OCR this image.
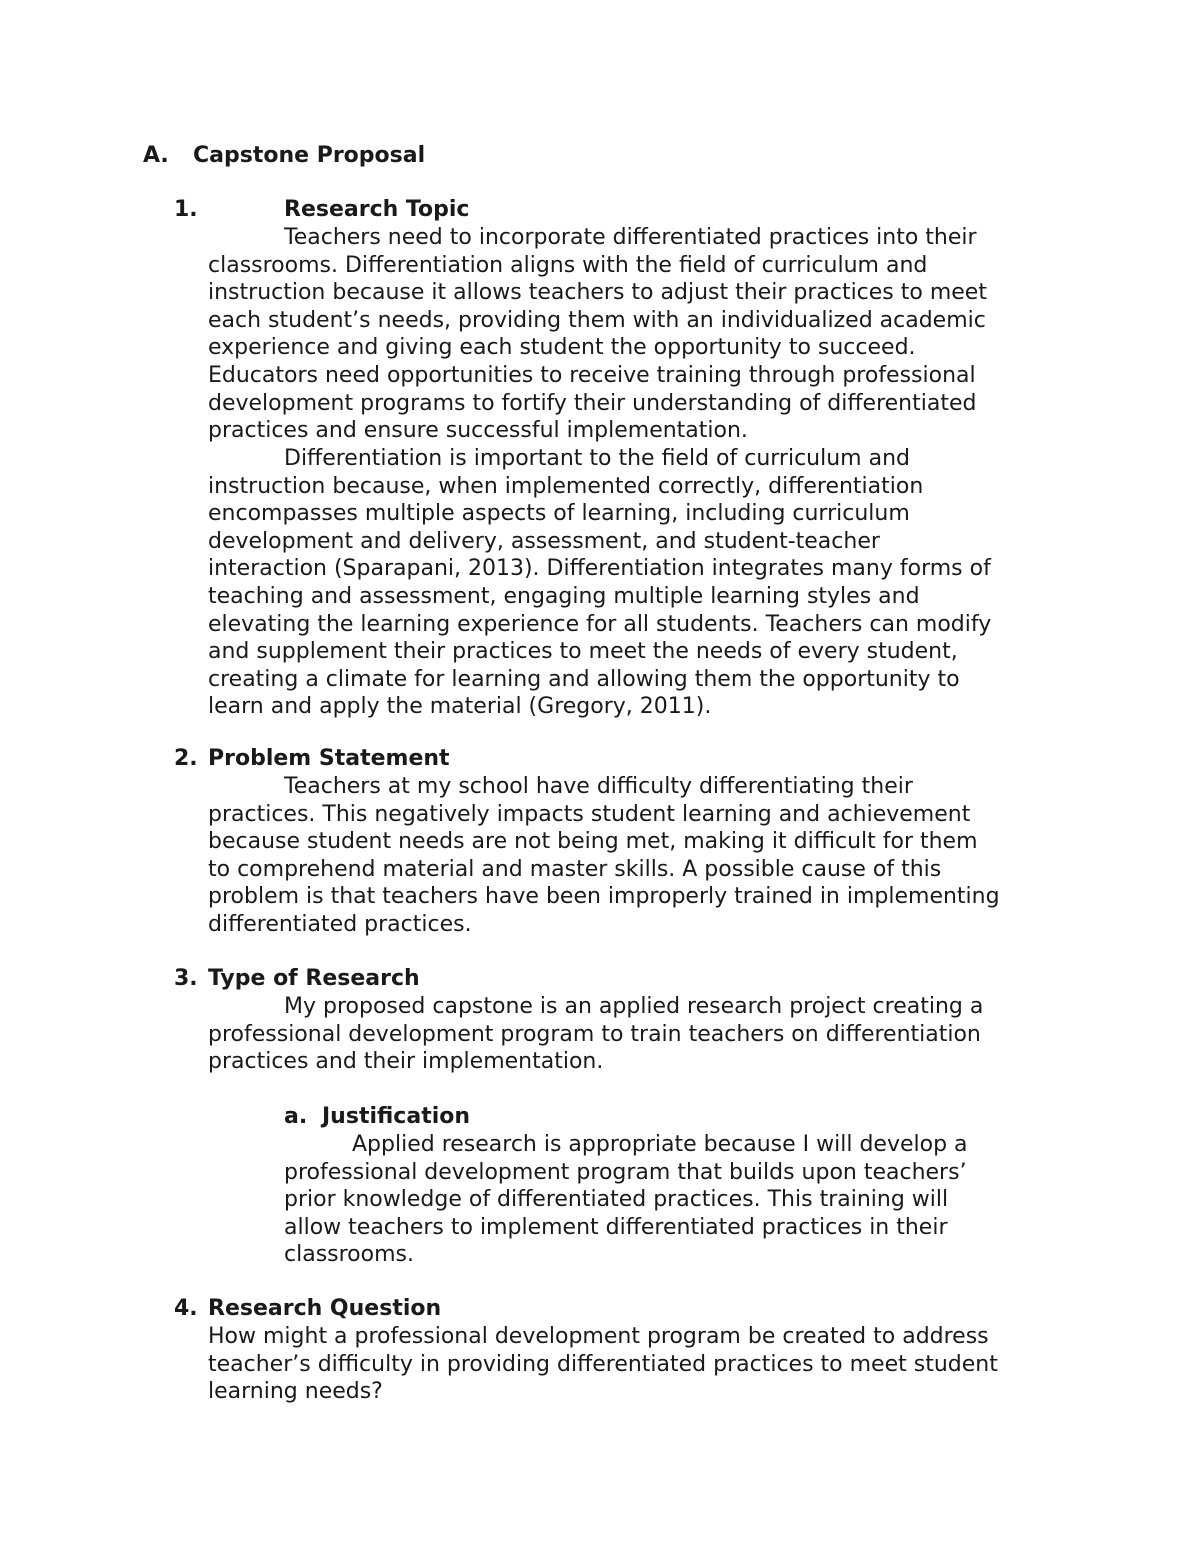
A. Capstone Proposal
1.	Research Topic

Teachers need to incorporate differentiated practices into their

classrooms. Differentiation aligns with the field of curriculum and

instruction because it allows teachers to adjust their practices to meet

each student’s needs, providing them with an individualized academic

experience and giving each student the opportunity to succeed.

Educators need opportunities to receive training through professional

development programs to fortify their understanding of differentiated

practices and ensure successful implementation.

Differentiation is important to the field of curriculum and

instruction because, when implemented correctly, differentiation

encompasses multiple aspects of learning, including curriculum

development and delivery, assessment, and student-teacher

interaction (Sparapani, 2013). Differentiation integrates many forms of

teaching and assessment, engaging multiple learning styles and

elevating the learning experience for all students. Teachers can modify

and supplement their practices to meet the needs of every student,

creating a climate for learning and allowing them the opportunity to

learn and apply the material (Gregory, 2011).

2. Problem Statement

Teachers at my school have difficulty differentiating their

practices. This negatively impacts student learning and achievement

because student needs are not being met, making it difficult for them

to comprehend material and master skills. A possible cause of this

problem is that teachers have been improperly trained in implementing

differentiated practices.

3. Type of Research

My proposed capstone is an applied research project creating a

professional development program to train teachers on differentiation

practices and their implementation.

a. Justification

Applied research is appropriate because I will develop a

professional development program that builds upon teachers’

prior knowledge of differentiated practices. This training will

allow teachers to implement differentiated practices in their

classrooms.

4. Research Question

How might a professional development program be created to address

teacher’s difficulty in providing differentiated practices to meet student

learning needs?
